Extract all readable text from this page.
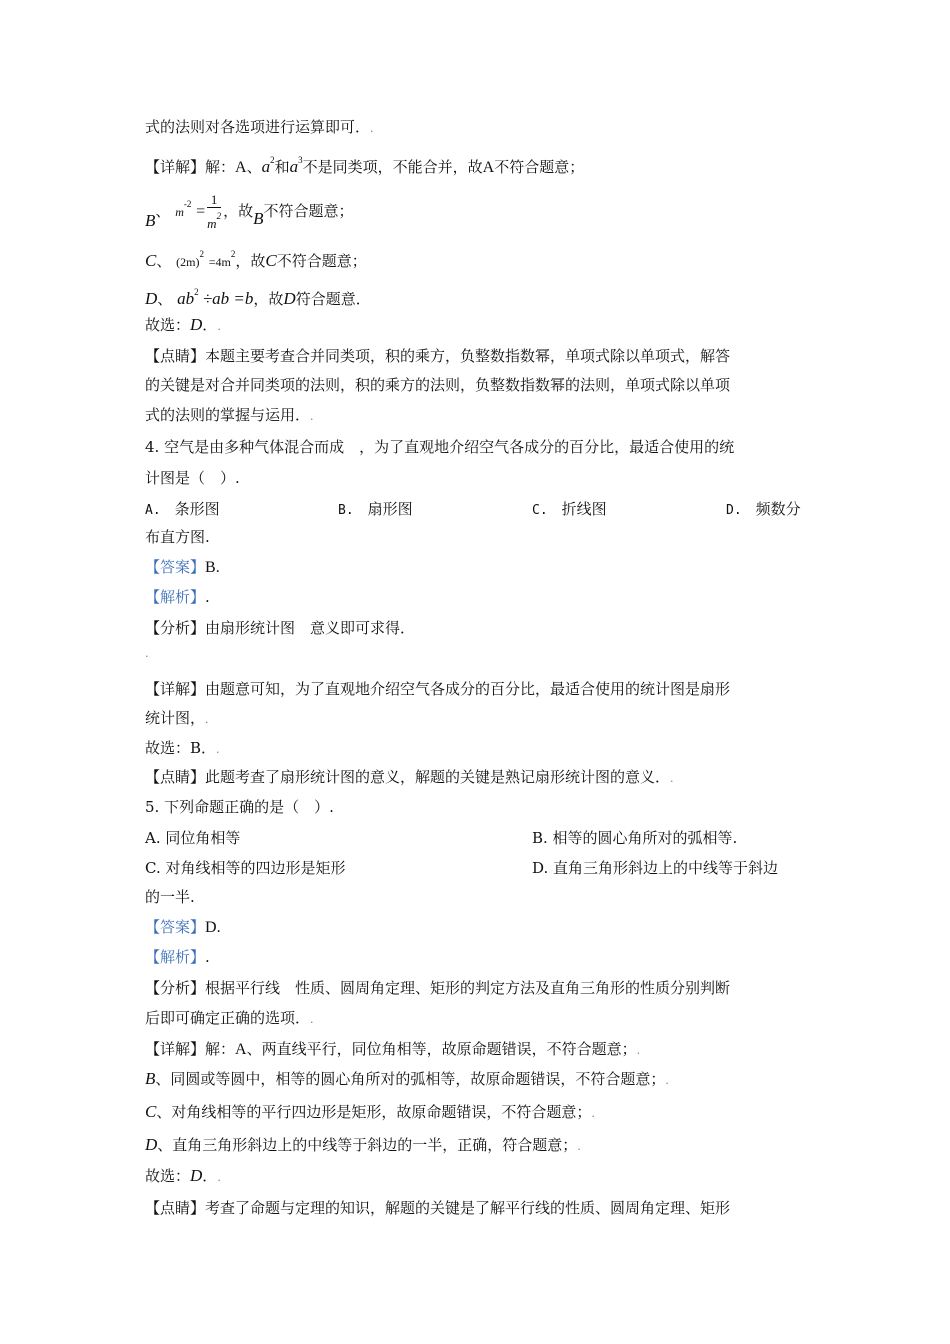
式的法则对各选项进行运算即可．.
【详解】解：A、$a^2$和$a^3$不是同类项，不能合并，故A不符合题意；
B、 $m^{-2} = \frac{1}{m^2}$ ，故B不符合题意；
C、 $(2m)^2 =4m^2$，故C不符合题意；
D、 $ab^2 \div ab =b$，故D符合题意．
故选：D．.
【点睛】本题主要考查合并同类项，积的乘方，负整数指数幂，单项式除以单项式，解答
的关键是对合并同类项的法则，积的乘方的法则，负整数指数幂的法则，单项式除以单项
式的法则的掌握与运用．.
4. 空气是由多种气体混合而成　，为了直观地介绍空气各成分的百分比，最适合使用的统
计图是（　）.
A. 条形图	B. 扇形图	C. 折线图	D. 频数分
布直方图.
【答案】B.
【解析】.
【分析】由扇形统计图　意义即可求得．
.
【详解】由题意可知，为了直观地介绍空气各成分的百分比，最适合使用的统计图是扇形
统计图，.
故选：B．.
【点睛】此题考查了扇形统计图的意义，解题的关键是熟记扇形统计图的意义．.
5. 下列命题正确的是（　）.
A. 同位角相等	B. 相等的圆心角所对的弧相等.
C. 对角线相等的四边形是矩形	D. 直角三角形斜边上的中线等于斜边
的一半.
【答案】D.
【解析】.
【分析】根据平行线　性质、圆周角定理、矩形的判定方法及直角三角形的性质分别判断
后即可确定正确的选项．.
【详解】解：A、两直线平行，同位角相等，故原命题错误，不符合题意；.
B、同圆或等圆中，相等的圆心角所对的弧相等，故原命题错误，不符合题意；.
C、对角线相等的平行四边形是矩形，故原命题错误，不符合题意；.
D、直角三角形斜边上的中线等于斜边的一半，正确，符合题意；.
故选：D．.
【点睛】考查了命题与定理的知识，解题的关键是了解平行线的性质、圆周角定理、矩形
